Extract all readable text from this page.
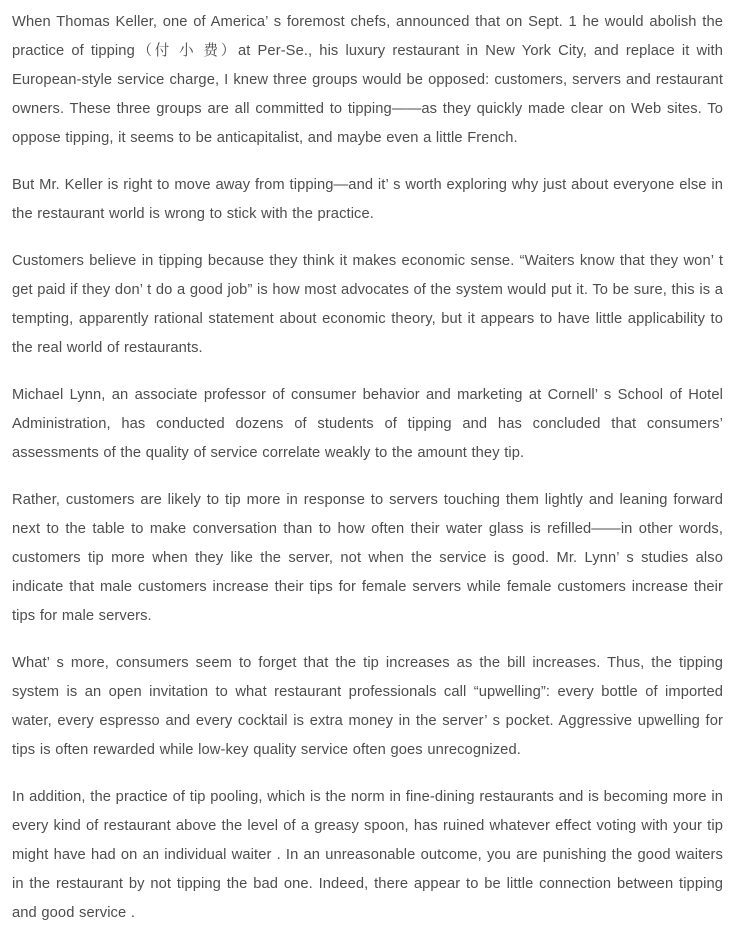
When Thomas Keller, one of America’ s foremost chefs, announced that on Sept. 1 he would abolish the practice of tipping（付 小 费）at Per-Se., his luxury restaurant in New York City, and replace it with European-style service charge, I knew three groups would be opposed: customers, servers and restaurant owners. These three groups are all committed to tipping——as they quickly made clear on Web sites. To oppose tipping, it seems to be anticapitalist, and maybe even a little French.

But Mr. Keller is right to move away from tipping—and it’ s worth exploring why just about everyone else in the restaurant world is wrong to stick with the practice.

Customers believe in tipping because they think it makes economic sense. “Waiters know that they won’ t get paid if they don’ t do a good job” is how most advocates of the system would put it. To be sure, this is a tempting, apparently rational statement about economic theory, but it appears to have little applicability to the real world of restaurants.

Michael Lynn, an associate professor of consumer behavior and marketing at Cornell’ s School of Hotel Administration, has conducted dozens of students of tipping and has concluded that consumers’ assessments of the quality of service correlate weakly to the amount they tip.

Rather, customers are likely to tip more in response to servers touching them lightly and leaning forward next to the table to make conversation than to how often their water glass is refilled——in other words, customers tip more when they like the server, not when the service is good. Mr. Lynn’ s studies also indicate that male customers increase their tips for female servers while female customers increase their tips for male servers.

What’ s more, consumers seem to forget that the tip increases as the bill increases. Thus, the tipping system is an open invitation to what restaurant professionals call “upwelling”: every bottle of imported water, every espresso and every cocktail is extra money in the server’ s pocket. Aggressive upwelling for tips is often rewarded while low-key quality service often goes unrecognized.

In addition, the practice of tip pooling, which is the norm in fine-dining restaurants and is becoming more in every kind of restaurant above the level of a greasy spoon, has ruined whatever effect voting with your tip might have had on an individual waiter . In an unreasonable outcome, you are punishing the good waiters in the restaurant by not tipping the bad one. Indeed, there appear to be little connection between tipping and good service .
